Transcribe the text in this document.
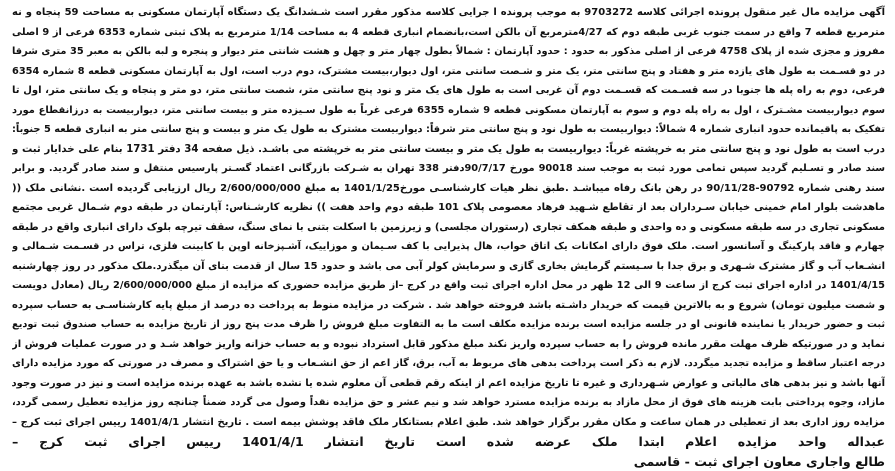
آگهی مزایده مال غیر منقول پرونده اجرائی کلاسه 9703272 به موجب پرونده ا جرایی کلاسه مذکور مقرر است شـشدانگ یک دستگاه آپارتمان مسکونی به مساحت 59 پنجاه و نه
مترمربع قطعه 7 واقع در سمت جنوب غربی طبقه دوم که 4/27مترمربع آن بالکن است،بانضمام انباری قطعه 4 به مساحت 1/14 مترمربع به پلاک ثبتی شماره 6353 فرعی از 9 اصلی
مفروز و مجزی شده از پلاک 4758 فرعی از اصلی مذکور به حدود : حدود آپارتمان : شمالاً بطول چهار متر و چهل و هشت شانتی متر دیوار و پنجره و لبه بالکن به معبر 35 متری شرقا
در دو قسـمت به طول های یازده متر و هفتاد و پنج سانتی متر، یک متر و شـصت سانتی متر، اول دیوار،بیست مشترک، دوم درب است، اول به آپارتمان مسکونی قطعه 8 شماره 6354
فرعی، دوم به راه پله ها جنوبا در سه قسـمت که قسـمت دوم آن غربی است به طول های یک متر و نود پنج سانتی متر، شصت سانتی متر، دو متر و پنجاه و یک سانتی متر، اول تا
سوم دیواربیست مشـترک ، اول به راه پله دوم و سوم به آپارتمان مسکونی قطعه 9 شماره 6355 فرعی غرباً به طول سـیزده متر و بیست سانتی متر، دیواربیست به درزانقطاع مورد
تفکیک به پاقیمانده حدود انباری شماره 4 شمالاً: دیواربیست به طول نود و پنج سانتی متر شرقاً: دیواربیست مشترک به طول یک متر و بیست و پنج سانتی متر به انباری قطعه 5 جنوباً:
درب است به طول نود و پنج سانتی متر به خرپشته غرباً: دیواربیست به طول یک متر و بیست سانتی متر به خرپشته می باشـد. ذیل صفحه 34 دفتر 1731 بنام علی خدایار ثبت و
سند صادر و تسـلیم گردید سپس تمامی مورد ثبت به موجب سند 90018 مورخ 90/7/17دفتر 338 تهران به شـرکت بازرگانی اعتماد گسـتر پارسیس منتقل و سند صادر گردید. و برابر
سند رهنی شماره 90792-90/11/28 در رهن بانک رفاه میباشـد .طبق نظر هیات کارشناسـی مورخ1401/1/25 به مبلغ 2/600/000/000 ریال ارزیابی گردیده است .نشانی ملک ((
ماهدشت بلوار امام خمینی خیابان سـرداران بعد از تقاطع شـهید فرهاد معصومی پلاک 101 طبقه دوم واحد هفت )) نظریه کارشـناس: آپارتمان در طبقه دوم شـمال غربی مجتمع
مسکونی تجاری در سه طبقه مسکونی و ده واحدی و طبقه همکف تجاری (رستوران مجلسی) و زیرزمین با اسکلت بتنی با نمای سنگ، سقف تیرچه بلوک دارای انباری واقع در طبقه
چهارم و فاقد پارکینگ و آسانسور است. ملک فوق دارای امکانات یک اتاق خواب، هال پذیرایی با کف سـیمان و موزاییک، آشـپزخانه اوپن با کابینت فلزی، تراس در قسـمت شـمالی و
انشـعاب آب و گاز مشترک شـهری و برق جدا با سـیستم گرمایش بخاری گازی و سرمایش کولر آبی می باشد و حدود 15 سال از قدمت بنای آن میگذرد.ملک مذکور در روز چهارشنبه
1401/4/15 در اداره اجرای ثبت کرج از ساعت 9 الی 12 ظهر در محل اداره اجرای ثبت واقع در کرج –از طریق مزایده حضوری که مزایده از مبلغ 2/600/000/000 ریال (معادل دویست
و شصت میلیون تومان) شروع و به بالاترین قیمت که خریدار داشـته باشد فروخته خواهد شد . شرکت در مزایده منوط به پرداخت ده درصد از مبلغ پایه کارشناسـی به حساب سپرده
ثبت و حضور خریدار یا نماینده قانونی او در جلسه مزایده است برنده مزایده مکلف است ما به التفاوت مبلغ فروش را ظرف مدت پنج روز از تاریخ مزایده به حساب صندوق ثبت تودیع
نماید و در صورتیکه ظرف مهلت مقرر مانده فروش را به حساب سپرده واریز نکند مبلغ مذکور قابل استرداد نبوده و به حساب خزانه واریز خواهد شـد و در صورت عملیات فروش از
درجه اعتبار ساقط و مزایده تجدید میگردد. لازم به ذکر است پرداخت بدهی های مربوط به آب، برق، گاز اعم از حق انشـعاب و یا حق اشتراک و مصرف در صورتی که مورد مزایده دارای
آنها باشد و نیز بدهی های مالیاتی و عوارض شـهرداری و غیره تا تاریخ مزایده اعم از اینکه رقم قطعی آن معلوم شده یا نشده باشد به عهده برنده مزایده است و نیز در صورت وجود
مازاد، وجوه پرداختی بابت هزینه های فوق از محل مازاد به برنده مزایده مسترد خواهد شد و نیم عشر و حق مزایده نقداً وصول می گردد ضمناً چنانچه روز مزایده تعطیل رسمی گردد،
مزایده روز اداری بعد از تعطیلی در همان ساعت و مکان مقرر برگزار خواهد شد. طبق اعلام بستانکار ملک فاقد پوشش بیمه است . تاریخ انتشار 1401/4/1 رییس اجرای ثبت کرج –
عبداله واحد مزایده اعلام ابتدا ملک عرضه شده است تاریخ انتشار 1401/4/1 رییس اجرای ثبت کرج –
طالع واجاری معاون اجرای ثبت - قاسمی
